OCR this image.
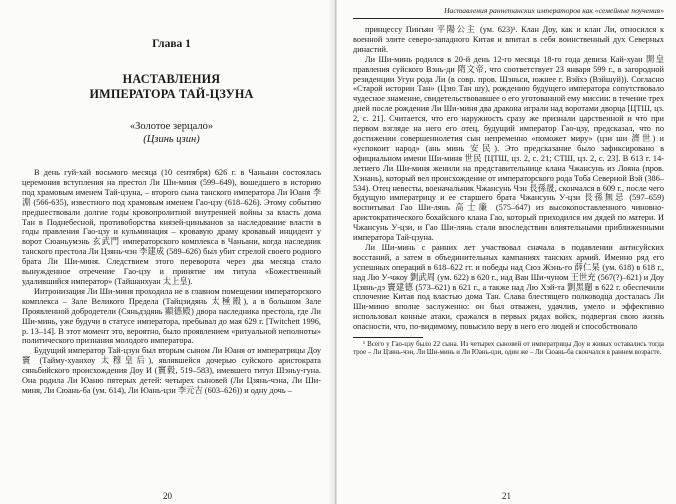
Глава 1
НАСТАВЛЕНИЯ
ИМПЕРАТОРА ТАЙ-ЦЗУНА
«Золотое зерцало»
(Цзинь цзин)

В день гуй-хай восьмого месяца (10 сентября) 626 г. в Чаньани состоялась церемония вступления на престол Ли Ши-миня (599–649), вошедшего в историю под храмовым именем Тай-цзуна, – второго сына танского императора Ли Юаня 李淵 (566-635), известного под храмовым именем Гао-цзу (618–626). Этому событию предшествовали долгие годы кровопролитной внутренней войны за власть дома Тан в Поднебесной, противоборства князей-циньванов за наследование власти в годы правления Гао-цзу и кульминация – кровавую драму кровавый инцидент у ворот Сюаньумэнь 玄武門 императорского комплекса в Чаньани, когда наследник танского престола Ли Цзянь-чэн 李建成 (589–626) был убит стрелой своего родного брата Ли Ши-миня. Следствием этого переворота через два месяца стало вынужденное отречение Гао-цзу и принятие им титула «Божественный удалившийся император» (Тайшанхуан 太上皇).

Интронизация Ли Ши-миня проходила не в главном помещении императорского комплекса – Зале Великого Предела (Тайцзидянь 太極殿), а в большом Зале Проявленной добродетели (Сяньдэдянь 顯德殿) двора наследника престола, где Ли Ши-минь, уже будучи в статусе императора, пребывал до мая 629 г. [Twitchett 1996, p. 13–14]. В этот момент это, вероятно, было проявлением «ритуальной неполноты» политического признания молодого императора.

Будущий император Тай-цзун был вторым сыном Ли Юаня от императрицы Доу 竇 (Тайму-хуанхоу 太穆皇后), являвшейся дочерью суйского аристократа сяньбийского происхождения Доу И (竇毅, 519–583), имевшего титул Шэньу-гуна. Она родила Ли Юаню пятерых детей: четырех сыновей (Ли Цзянь-чэна, Ли Ши-миня, Ли Сюань-ба (ум. 614), Ли Юань-цзи 李元吉 (603–626)) и одну дочь –

20
Наставления раннетанских императоров как «семейные поучения»

принцессу Пинъян 平陽公主 (ум. 623)¹. Клан Доу, как и клан Ли, относился к военной элите северо-западного Китая и впитал в себя воинственный дух Северных династий.

Ли Ши-минь родился в 20-й день 12-го месяца 18-го года девиза Кай-хуан 開皇 правления суйского Вэнь-ди 隋文帝, что соответствует 23 января 599 г., в загородной резиденции Угун рода Ли (в совр. пров. Шэньси, южнее г. Вэйхэ (Вэйшуй)). Согласно «Старой истории Тан» (Цзю Тан шу), рождению будущего императора сопутствовало чудесное знамение, свидетельствовавшее о его уготованной ему миссии: в течение трех дней после рождения Ли Ши-миня два дракона играли над воротами дворца [ЦТШ, цз. 2, с. 21]. Считается, что его наружность сразу же признали царственной и что при первом взгляде на него его отец, будущий император Гао-цзу, предсказал, что по достижении совершеннолетия сын непременно «поможет миру» (цзи ши 濟世) и «успокоит народ» (ань минь 安民). Это предсказание было зафиксировано в официальном имени Ши-миня 世民 [ЦТШ, цз. 2, с. 21; СТШ, цз. 2, с. 23]. В 613 г. 14-летнего Ли Ши-миня женили на представительнице клана Чжансунь из Лояна (пров. Хэнань), который вел происхождение от императорского рода Тоба Северной Вэй (386–534). Отец невесты, военачальник Чжансунь Чэн 長孫晟, скончался в 609 г., после чего будущую императрицу и ее старшего брата Чжансунь У-цзи 長孫無忌 (597–659) воспитывал Гао Ши-лянь 高士廉 (575–647) из высокопоставленного чиновно-аристократического бохайского клана Гао, который приходился им дядей по матери. И Чжансунь У-цзи, и Гао Ши-лянь стали впоследствии влиятельными приближенными императора Тай-цзуна.

Ли Ши-минь с ранних лет участвовал сначала в подавлении антисуйских восстаний, а затем в объединительных кампаниях танских армий. Именно ряд его успешных операций в 618–622 гг. и победы над Сюэ Жэнь-го 薛仁杲 (ум. 618) в 618 г., над Лю У-чжоу 劉武周 (ум. 622) в 620 г., над Ван Ши-чуном 王世充 (567(?)–621) и Доу Цзянь-дэ 竇建德 (573–621) в 621 г., а также над Лю Хэй-та 劉黑闥 в 622 г. обеспечили сплочение Китая под властью дома Тан. Слава блестящего полководца досталась Ли Ши-миню вполне заслуженно: он был отважен, удачлив, умело и эффективно использовал конные атаки, сражался в первых рядах войск, подвергая свою жизнь опасности, что, по-видимому, повысило веру в него его людей и способствовало

¹ Всего у Гао-цзу было 22 сына. Из четырех сыновей от императрицы Доу в живых оставались тогда трое – Ли Цзянь-чэн, Ли Ши-минь и Ли Юань-цзи, один же – Ли Сюань-ба скончался в раннем возрасте.

21
